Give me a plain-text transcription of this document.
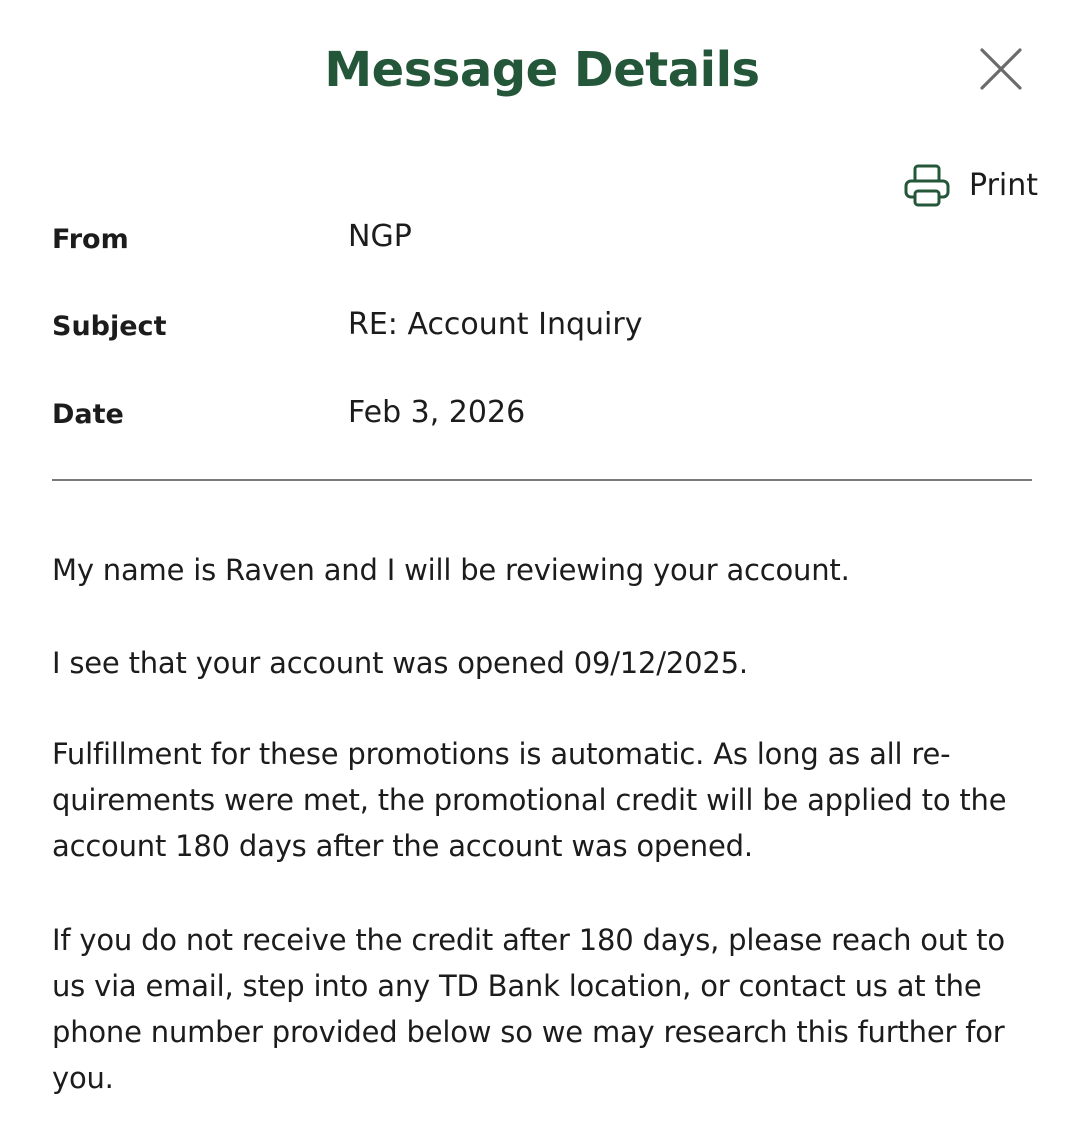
Message Details
Print
From	NGP
Subject	RE: Account Inquiry
Date	Feb 3, 2026

My name is Raven and I will be reviewing your account.

I see that your account was opened 09/12/2025.

Fulfillment for these promotions is automatic. As long as all re-quirements were met, the promotional credit will be applied to the account 180 days after the account was opened.

If you do not receive the credit after 180 days, please reach out to us via email, step into any TD Bank location, or contact us at the phone number provided below so we may research this further for you.
